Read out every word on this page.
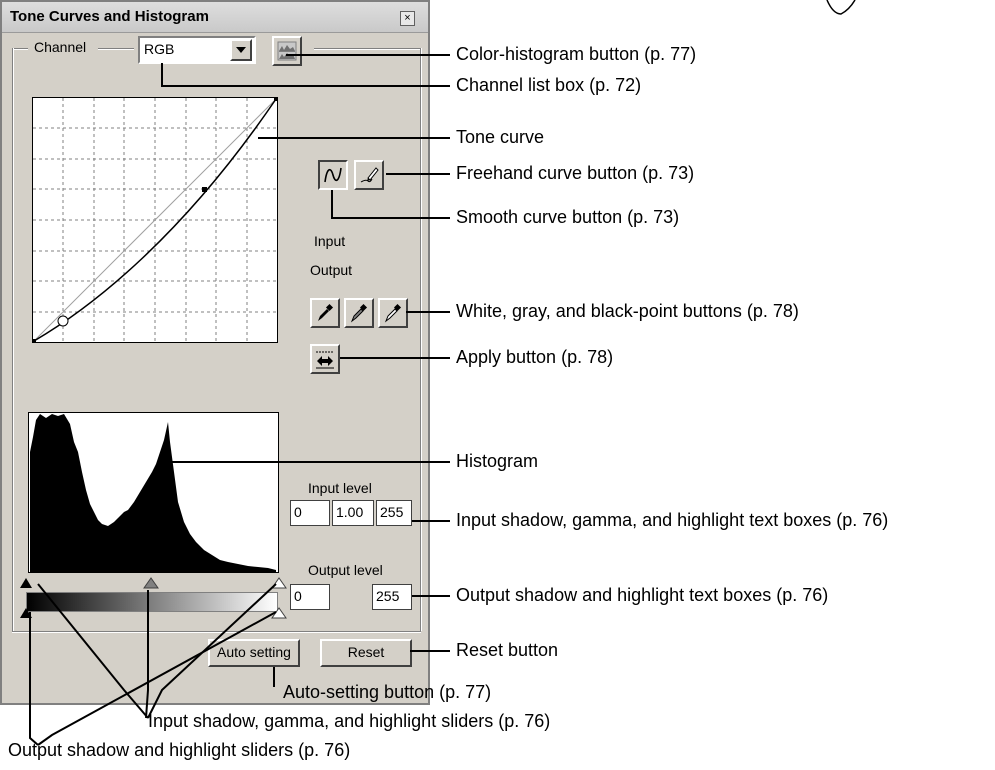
Tone Curves and Histogram	×
Channel	RGB
Input
Output
Input level
0	1.00	255
Output level
0	255
Auto setting	Reset
Color-histogram button (p. 77)
Channel list box (p. 72)
Tone curve
Freehand curve button (p. 73)
Smooth curve button (p. 73)
White, gray, and black-point buttons (p. 78)
Apply button (p. 78)
Histogram
Input shadow, gamma, and highlight text boxes (p. 76)
Output shadow and highlight text boxes (p. 76)
Reset button
Auto-setting button (p. 77)
Input shadow, gamma, and highlight sliders (p. 76)
Output shadow and highlight sliders (p. 76)
